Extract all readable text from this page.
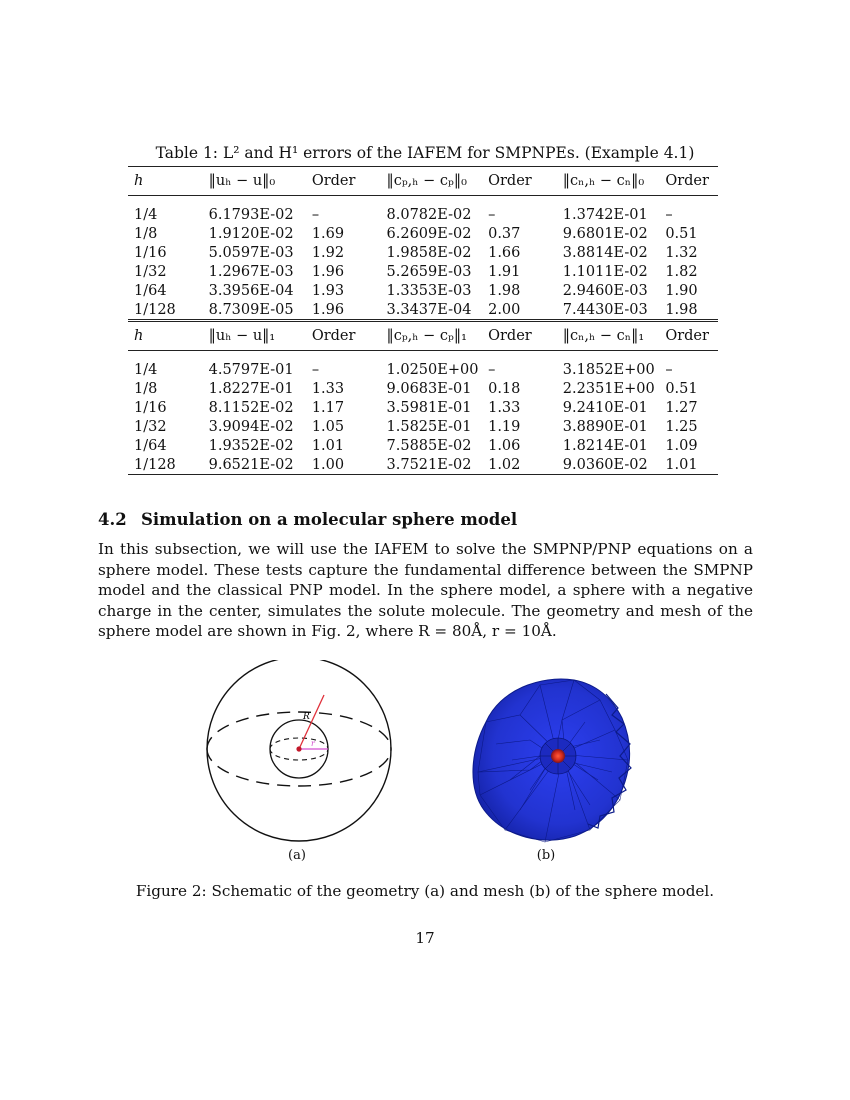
Table 1: L² and H¹ errors of the IAFEM for SMPNPEs. (Example 4.1)
h	‖uₕ − u‖₀	Order	‖cₚ,ₕ − cₚ‖₀	Order	‖cₙ,ₕ − cₙ‖₀	Order

1/4	6.1793E-02	–	8.0782E-02	–	1.3742E-01	–
1/8	1.9120E-02	1.69	6.2609E-02	0.37	9.6801E-02	0.51
1/16	5.0597E-03	1.92	1.9858E-02	1.66	3.8814E-02	1.32
1/32	1.2967E-03	1.96	5.2659E-03	1.91	1.1011E-02	1.82
1/64	3.3956E-04	1.93	1.3353E-03	1.98	2.9460E-03	1.90
1/128	8.7309E-05	1.96	3.3437E-04	2.00	7.4430E-03	1.98
h	‖uₕ − u‖₁	Order	‖cₚ,ₕ − cₚ‖₁	Order	‖cₙ,ₕ − cₙ‖₁	Order

1/4	4.5797E-01	–	1.0250E+00	–	3.1852E+00	–
1/8	1.8227E-01	1.33	9.0683E-01	0.18	2.2351E+00	0.51
1/16	8.1152E-02	1.17	3.5981E-01	1.33	9.2410E-01	1.27
1/32	3.9094E-02	1.05	1.5825E-01	1.19	3.8890E-01	1.25
1/64	1.9352E-02	1.01	7.5885E-02	1.06	1.8214E-01	1.09
1/128	9.6521E-02	1.00	3.7521E-02	1.02	9.0360E-02	1.01
4.2 Simulation on a molecular sphere model
In this subsection, we will use the IAFEM to solve the SMPNP/PNP equations on a sphere model. These tests capture the fundamental difference between the SMPNP model and the classical PNP model. In the sphere model, a sphere with a negative charge in the center, simulates the solute molecule. The geometry and mesh of the sphere model are shown in Fig. 2, where R = 80Å, r = 10Å.
R
r
(a)	(b)
Figure 2: Schematic of the geometry (a) and mesh (b) of the sphere model.
17
